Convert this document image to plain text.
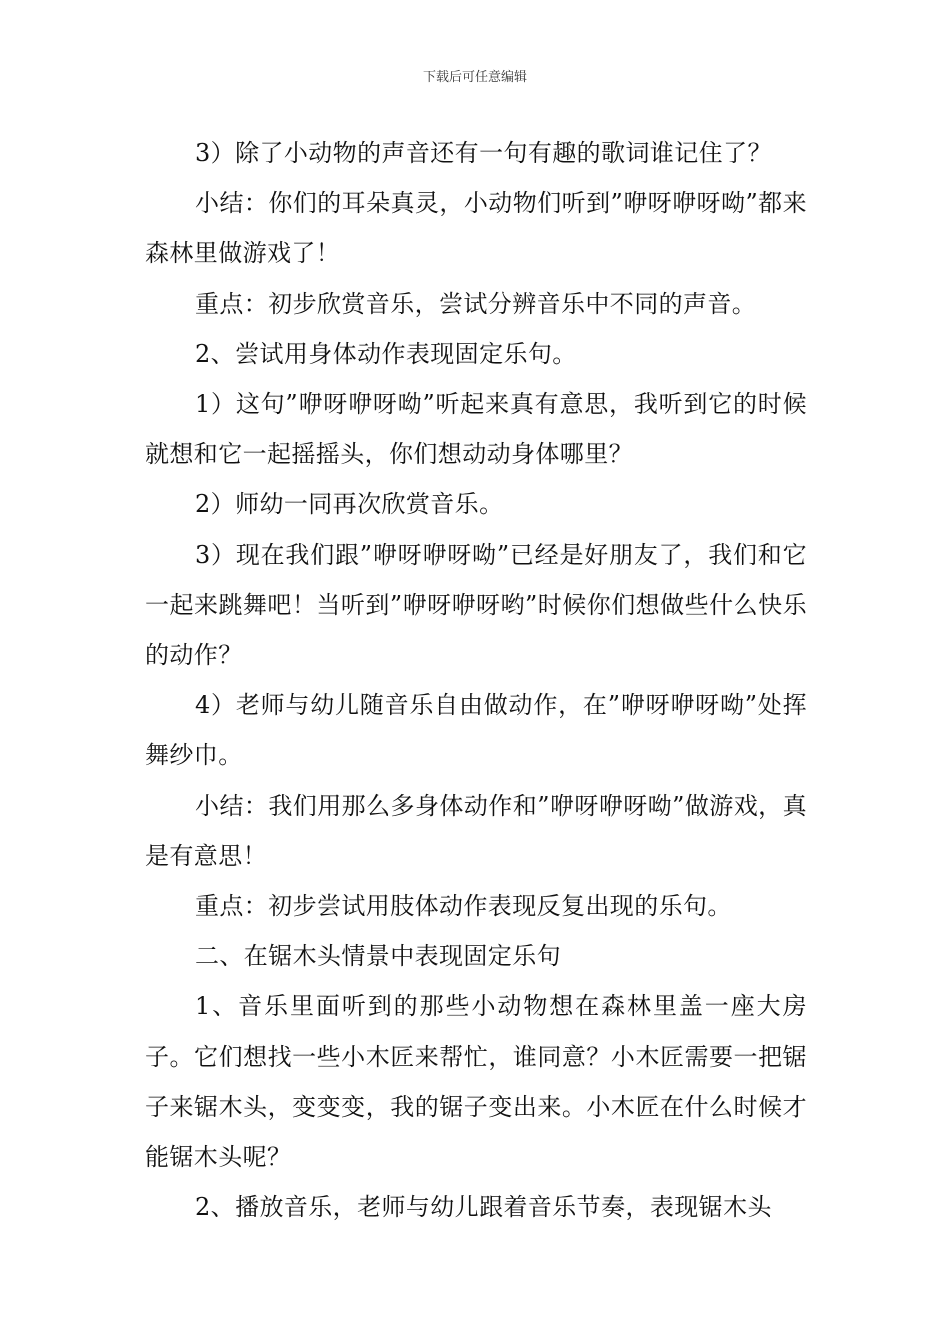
下载后可任意编辑

3）除了小动物的声音还有一句有趣的歌词谁记住了？

小结：你们的耳朵真灵，小动物们听到”咿呀咿呀呦”都来森林里做游戏了！

重点：初步欣赏音乐，尝试分辨音乐中不同的声音。

2、尝试用身体动作表现固定乐句。

1）这句”咿呀咿呀呦”听起来真有意思，我听到它的时候就想和它一起摇摇头，你们想动动身体哪里？

2）师幼一同再次欣赏音乐。

3）现在我们跟”咿呀咿呀呦”已经是好朋友了，我们和它一起来跳舞吧！当听到”咿呀咿呀哟”时候你们想做些什么快乐的动作？

4）老师与幼儿随音乐自由做动作，在”咿呀咿呀呦”处挥舞纱巾。

小结：我们用那么多身体动作和”咿呀咿呀呦”做游戏，真是有意思！

重点：初步尝试用肢体动作表现反复出现的乐句。

二、在锯木头情景中表现固定乐句

1、音乐里面听到的那些小动物想在森林里盖一座大房子。它们想找一些小木匠来帮忙，谁同意？小木匠需要一把锯子来锯木头，变变变，我的锯子变出来。小木匠在什么时候才能锯木头呢？

2、播放音乐，老师与幼儿跟着音乐节奏，表现锯木头
